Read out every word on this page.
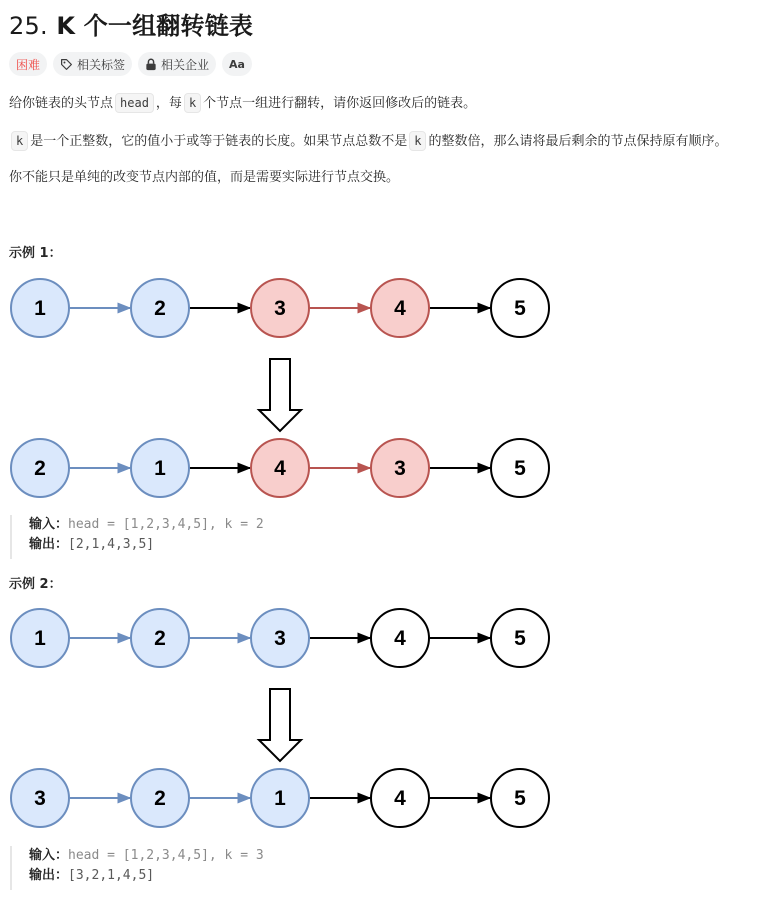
25. K 个一组翻转链表
困难	相关标签	相关企业 Aa
给你链表的头节点 head ，每 k 个节点一组进行翻转，请你返回修改后的链表。
k 是一个正整数，它的值小于或等于链表的长度。如果节点总数不是 k 的整数倍，那么请将最后剩余的节点保持原有顺序。
你不能只是单纯的改变节点内部的值，而是需要实际进行节点交换。
示例 1：
1	2	3	4	5
2	1	4	3	5
输入：head = [1,2,3,4,5], k = 2
输出：[2,1,4,3,5]
示例 2：
1	2	3	4	5
3	2	1	4	5
输入：head = [1,2,3,4,5], k = 3
输出：[3,2,1,4,5]
